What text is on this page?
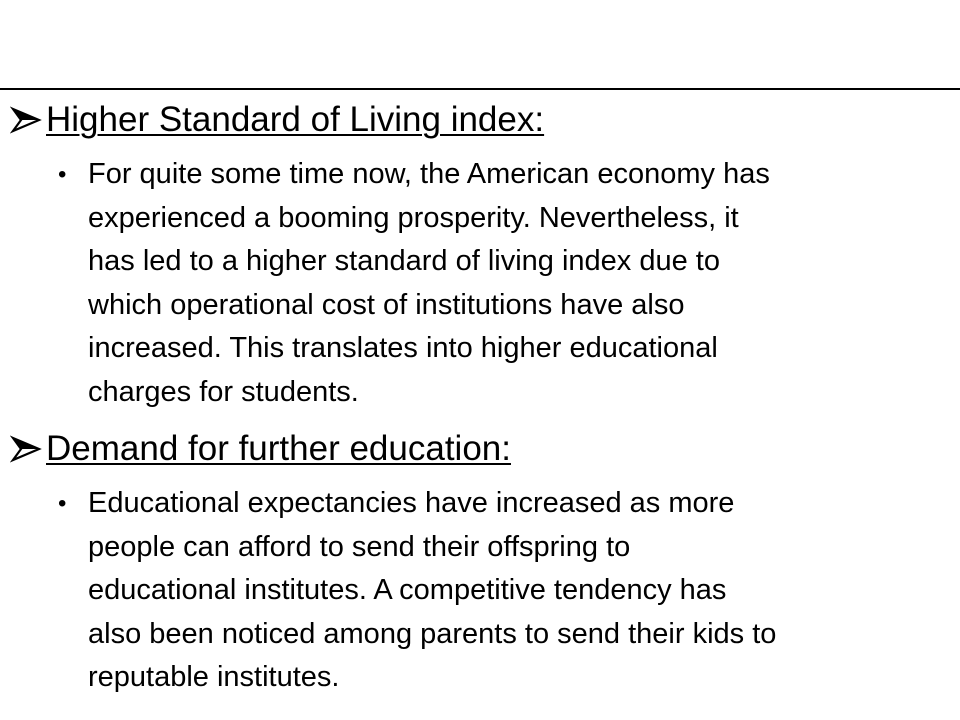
Higher Standard of Living index:
• For quite some time now, the American economy has
experienced a booming prosperity. Nevertheless, it
has led to a higher standard of living index due to
which operational cost of institutions have also
increased. This translates into higher educational
charges for students.
Demand for further education:
• Educational expectancies have increased as more
people can afford to send their offspring to
educational institutes. A competitive tendency has
also been noticed among parents to send their kids to
reputable institutes.
